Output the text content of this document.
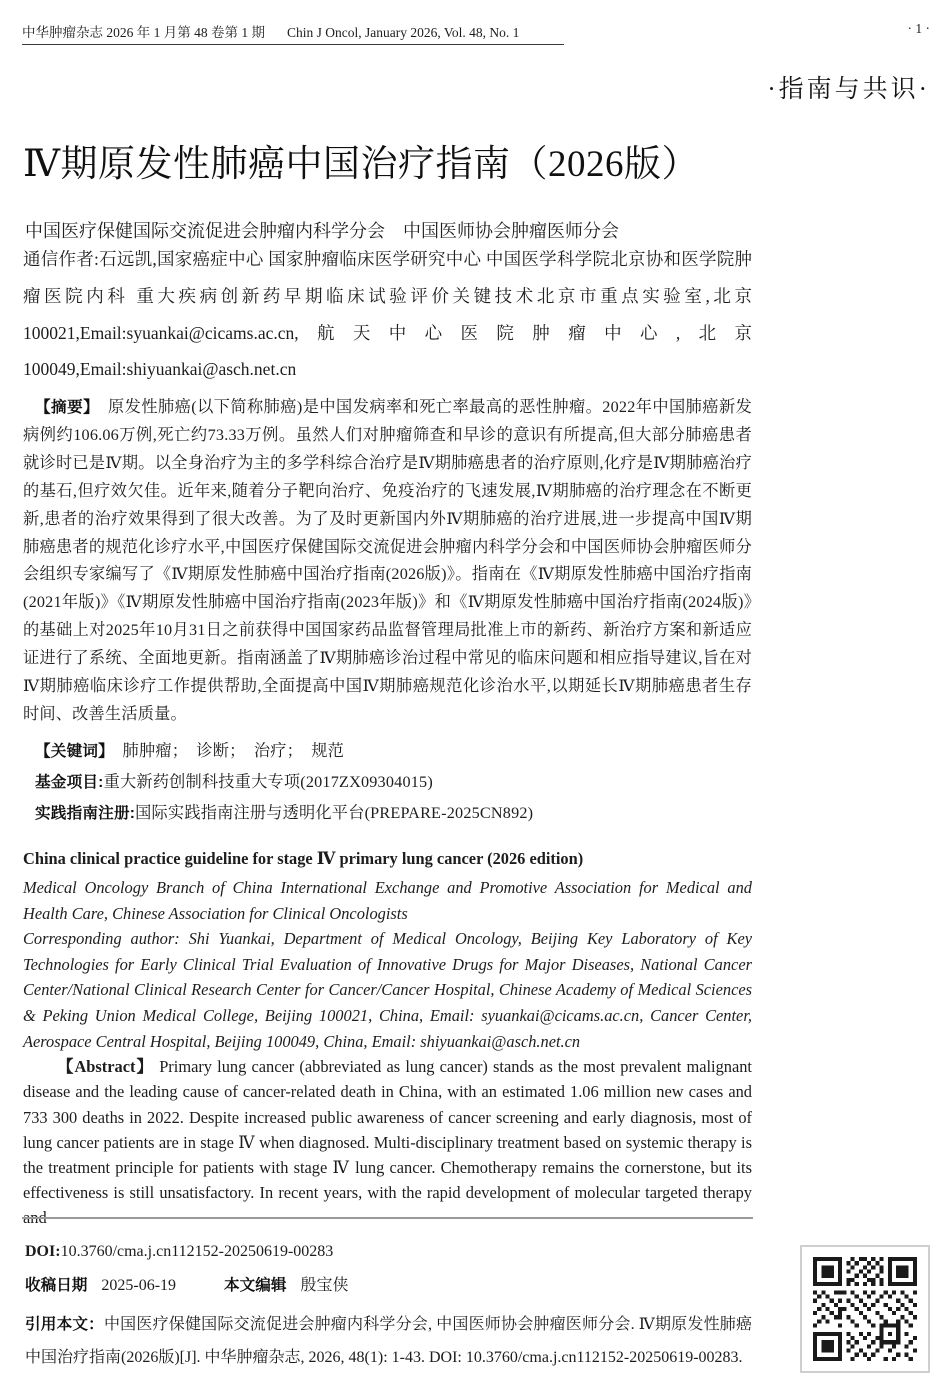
中华肿瘤杂志 2026 年 1 月第 48 卷第 1 期 Chin J Oncol, January 2026, Vol. 48, No. 1	· 1 ·
·指南与共识·
Ⅳ期原发性肺癌中国治疗指南（2026版）
中国医疗保健国际交流促进会肿瘤内科学分会　中国医师协会肿瘤医师分会

通信作者:石远凯,国家癌症中心 国家肿瘤临床医学研究中心 中国医学科学院北京协和医学院肿瘤医院内科 重大疾病创新药早期临床试验评价关键技术北京市重点实验室,北京100021,Email:syuankai@cicams.ac.cn,航天中心医院肿瘤中心,北京100049,Email:shiyuankai@asch.net.cn

【摘要】　原发性肺癌(以下简称肺癌)是中国发病率和死亡率最高的恶性肿瘤。2022年中国肺癌新发病例约106.06万例,死亡约73.33万例。虽然人们对肿瘤筛查和早诊的意识有所提高,但大部分肺癌患者就诊时已是Ⅳ期。以全身治疗为主的多学科综合治疗是Ⅳ期肺癌患者的治疗原则,化疗是Ⅳ期肺癌治疗的基石,但疗效欠佳。近年来,随着分子靶向治疗、免疫治疗的飞速发展,Ⅳ期肺癌的治疗理念在不断更新,患者的治疗效果得到了很大改善。为了及时更新国内外Ⅳ期肺癌的治疗进展,进一步提高中国Ⅳ期肺癌患者的规范化诊疗水平,中国医疗保健国际交流促进会肿瘤内科学分会和中国医师协会肿瘤医师分会组织专家编写了《Ⅳ期原发性肺癌中国治疗指南(2026版)》。指南在《Ⅳ期原发性肺癌中国治疗指南(2021年版)》《Ⅳ期原发性肺癌中国治疗指南(2023年版)》和《Ⅳ期原发性肺癌中国治疗指南(2024版)》的基础上对2025年10月31日之前获得中国国家药品监督管理局批准上市的新药、新治疗方案和新适应证进行了系统、全面地更新。指南涵盖了Ⅳ期肺癌诊治过程中常见的临床问题和相应指导建议,旨在对Ⅳ期肺癌临床诊疗工作提供帮助,全面提高中国Ⅳ期肺癌规范化诊治水平,以期延长Ⅳ期肺癌患者生存时间、改善生活质量。

【关键词】　肺肿瘤；　诊断；　治疗；　规范

基金项目:重大新药创制科技重大专项(2017ZX09304015)

实践指南注册:国际实践指南注册与透明化平台(PREPARE-2025CN892)

China clinical practice guideline for stage Ⅳ primary lung cancer (2026 edition)

Medical Oncology Branch of China International Exchange and Promotive Association for Medical and Health Care, Chinese Association for Clinical Oncologists

Corresponding author: Shi Yuankai, Department of Medical Oncology, Beijing Key Laboratory of Key Technologies for Early Clinical Trial Evaluation of Innovative Drugs for Major Diseases, National Cancer Center/National Clinical Research Center for Cancer/Cancer Hospital, Chinese Academy of Medical Sciences & Peking Union Medical College, Beijing 100021, China, Email: syuankai@cicams.ac.cn, Cancer Center, Aerospace Central Hospital, Beijing 100049, China, Email: shiyuankai@asch.net.cn

【Abstract】 Primary lung cancer (abbreviated as lung cancer) stands as the most prevalent malignant disease and the leading cause of cancer-related death in China, with an estimated 1.06 million new cases and 733 300 deaths in 2022. Despite increased public awareness of cancer screening and early diagnosis, most of lung cancer patients are in stage Ⅳ when diagnosed. Multi-disciplinary treatment based on systemic therapy is the treatment principle for patients with stage Ⅳ lung cancer. Chemotherapy remains the cornerstone, but its effectiveness is still unsatisfactory. In recent years, with the rapid development of molecular targeted therapy and

DOI:10.3760/cma.j.cn112152-20250619-00283

收稿日期 2025-06-19	本文编辑 殷宝侠

引用本文：中国医疗保健国际交流促进会肿瘤内科学分会, 中国医师协会肿瘤医师分会. Ⅳ期原发性肺癌中国治疗指南(2026版)[J]. 中华肿瘤杂志, 2026, 48(1): 1-43. DOI: 10.3760/cma.j.cn112152-20250619-00283.
